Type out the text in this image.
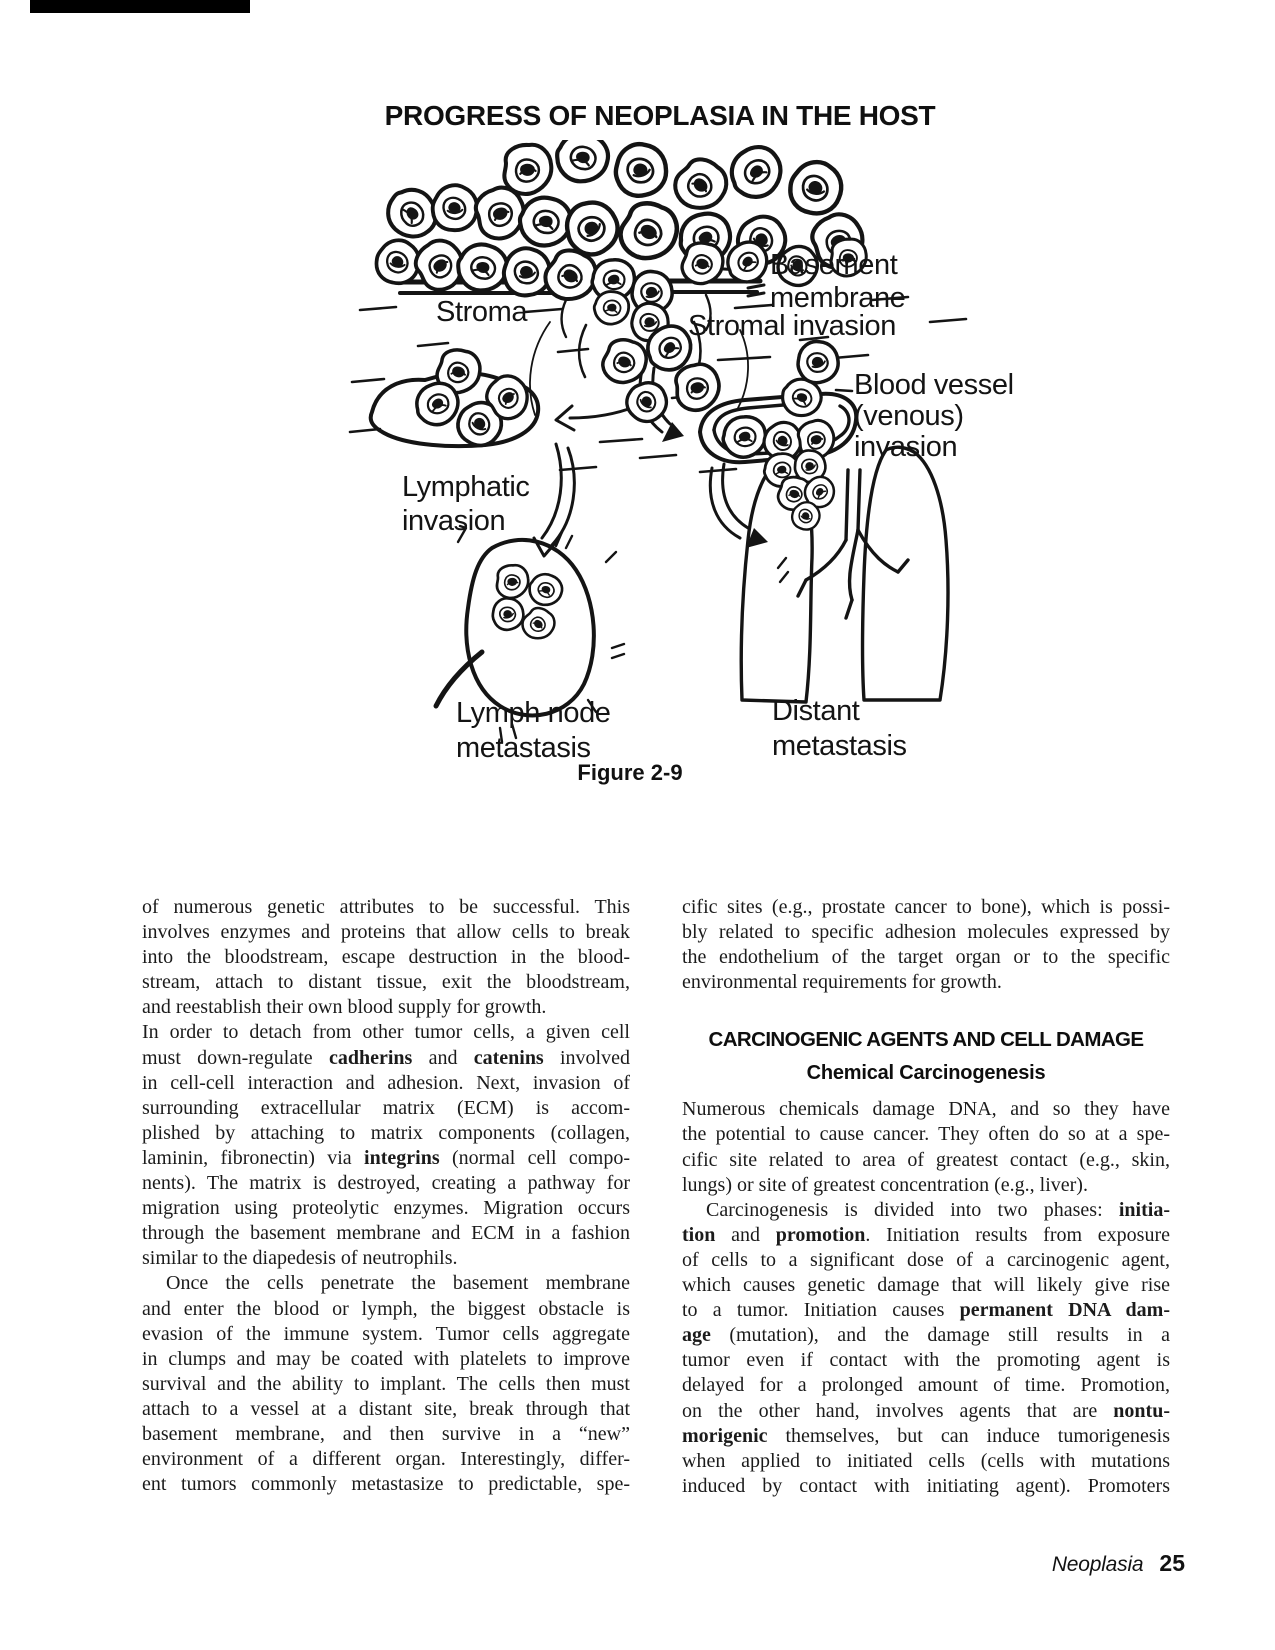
PROGRESS OF NEOPLASIA IN THE HOST
Basement
membrane
Stroma	Stromal invasion
Blood vessel
(venous)
invasion
Lymphatic
invasion
Lymph node
metastasis
Distant
metastasis
Figure 2-9
of numerous genetic attributes to be successful. This
involves enzymes and proteins that allow cells to break
into the bloodstream, escape destruction in the blood-
stream, attach to distant tissue, exit the bloodstream,
and reestablish their own blood supply for growth.
In order to detach from other tumor cells, a given cell
must down-regulate cadherins and catenins involved
in cell-cell interaction and adhesion. Next, invasion of
surrounding extracellular matrix (ECM) is accom-
plished by attaching to matrix components (collagen,
laminin, fibronectin) via integrins (normal cell compo-
nents). The matrix is destroyed, creating a pathway for
migration using proteolytic enzymes. Migration occurs
through the basement membrane and ECM in a fashion
similar to the diapedesis of neutrophils.
Once the cells penetrate the basement membrane
and enter the blood or lymph, the biggest obstacle is
evasion of the immune system. Tumor cells aggregate
in clumps and may be coated with platelets to improve
survival and the ability to implant. The cells then must
attach to a vessel at a distant site, break through that
basement membrane, and then survive in a “new”
environment of a different organ. Interestingly, differ-
ent tumors commonly metastasize to predictable, spe-
cific sites (e.g., prostate cancer to bone), which is possi-
bly related to specific adhesion molecules expressed by
the endothelium of the target organ or to the specific
environmental requirements for growth.
CARCINOGENIC AGENTS AND CELL DAMAGE
Chemical Carcinogenesis
Numerous chemicals damage DNA, and so they have
the potential to cause cancer. They often do so at a spe-
cific site related to area of greatest contact (e.g., skin,
lungs) or site of greatest concentration (e.g., liver).
Carcinogenesis is divided into two phases: initia-
tion and promotion. Initiation results from exposure
of cells to a significant dose of a carcinogenic agent,
which causes genetic damage that will likely give rise
to a tumor. Initiation causes permanent DNA dam-
age (mutation), and the damage still results in a
tumor even if contact with the promoting agent is
delayed for a prolonged amount of time. Promotion,
on the other hand, involves agents that are nontu-
morigenic themselves, but can induce tumorigenesis
when applied to initiated cells (cells with mutations
induced by contact with initiating agent). Promoters
Neoplasia 25
